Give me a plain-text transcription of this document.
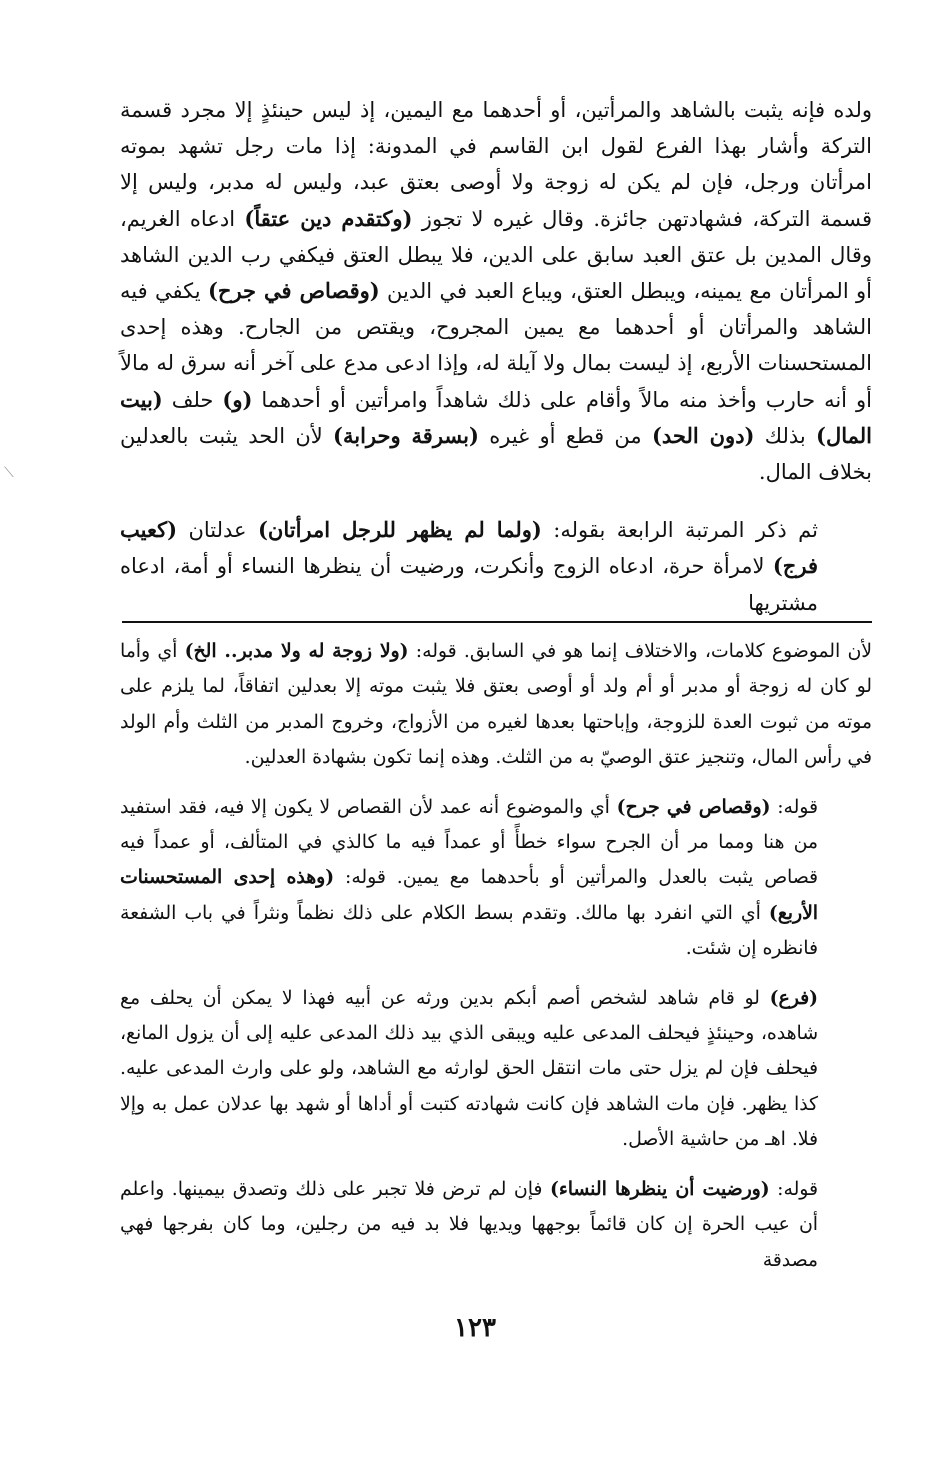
ولده فإنه يثبت بالشاهد والمرأتين، أو أحدهما مع اليمين، إذ ليس حينئذٍ إلا مجرد قسمة التركة وأشار بهذا الفرع لقول ابن القاسم في المدونة: إذا مات رجل تشهد بموته امرأتان ورجل، فإن لم يكن له زوجة ولا أوصى بعتق عبد، وليس له مدبر، وليس إلا قسمة التركة، فشهادتهن جائزة. وقال غيره لا تجوز (وكتقدم دين عتقاً) ادعاه الغريم، وقال المدين بل عتق العبد سابق على الدين، فلا يبطل العتق فيكفي رب الدين الشاهد أو المرأتان مع يمينه، ويبطل العتق، ويباع العبد في الدين (وقصاص في جرح) يكفي فيه الشاهد والمرأتان أو أحدهما مع يمين المجروح، ويقتص من الجارح. وهذه إحدى المستحسنات الأربع، إذ ليست بمال ولا آيلة له، وإذا ادعى مدع على آخر أنه سرق له مالاً أو أنه حارب وأخذ منه مالاً وأقام على ذلك شاهداً وامرأتين أو أحدهما (و) حلف (بيت المال) بذلك (دون الحد) من قطع أو غيره (بسرقة وحرابة) لأن الحد يثبت بالعدلين بخلاف المال.

ثم ذكر المرتبة الرابعة بقوله: (ولما لم يظهر للرجل امرأتان) عدلتان (كعيب فرج) لامرأة حرة، ادعاه الزوج وأنكرت، ورضيت أن ينظرها النساء أو أمة، ادعاه مشتريها

لأن الموضوع كلامات، والاختلاف إنما هو في السابق. قوله: (ولا زوجة له ولا مدبر.. الخ) أي وأما لو كان له زوجة أو مدبر أو أم ولد أو أوصى بعتق فلا يثبت موته إلا بعدلين اتفاقاً، لما يلزم على موته من ثبوت العدة للزوجة، وإباحتها بعدها لغيره من الأزواج، وخروج المدبر من الثلث وأم الولد في رأس المال، وتنجيز عتق الوصيّ به من الثلث. وهذه إنما تكون بشهادة العدلين.

قوله: (وقصاص في جرح) أي والموضوع أنه عمد لأن القصاص لا يكون إلا فيه، فقد استفيد من هنا ومما مر أن الجرح سواء خطأً أو عمداً فيه ما كالذي في المتألف، أو عمداً فيه قصاص يثبت بالعدل والمرأتين أو بأحدهما مع يمين. قوله: (وهذه إحدى المستحسنات الأربع) أي التي انفرد بها مالك. وتقدم بسط الكلام على ذلك نظماً ونثراً في باب الشفعة فانظره إن شئت.

(فرع) لو قام شاهد لشخص أصم أبكم بدين ورثه عن أبيه فهذا لا يمكن أن يحلف مع شاهده، وحينئذٍ فيحلف المدعى عليه ويبقى الذي بيد ذلك المدعى عليه إلى أن يزول المانع، فيحلف فإن لم يزل حتى مات انتقل الحق لوارثه مع الشاهد، ولو على وارث المدعى عليه. كذا يظهر. فإن مات الشاهد فإن كانت شهادته كتبت أو أداها أو شهد بها عدلان عمل به وإلا فلا. اهـ من حاشية الأصل.

قوله: (ورضيت أن ينظرها النساء) فإن لم ترض فلا تجبر على ذلك وتصدق بيمينها. واعلم أن عيب الحرة إن كان قائماً بوجهها ويديها فلا بد فيه من رجلين، وما كان بفرجها فهي مصدقة

١٢٣
⟍
